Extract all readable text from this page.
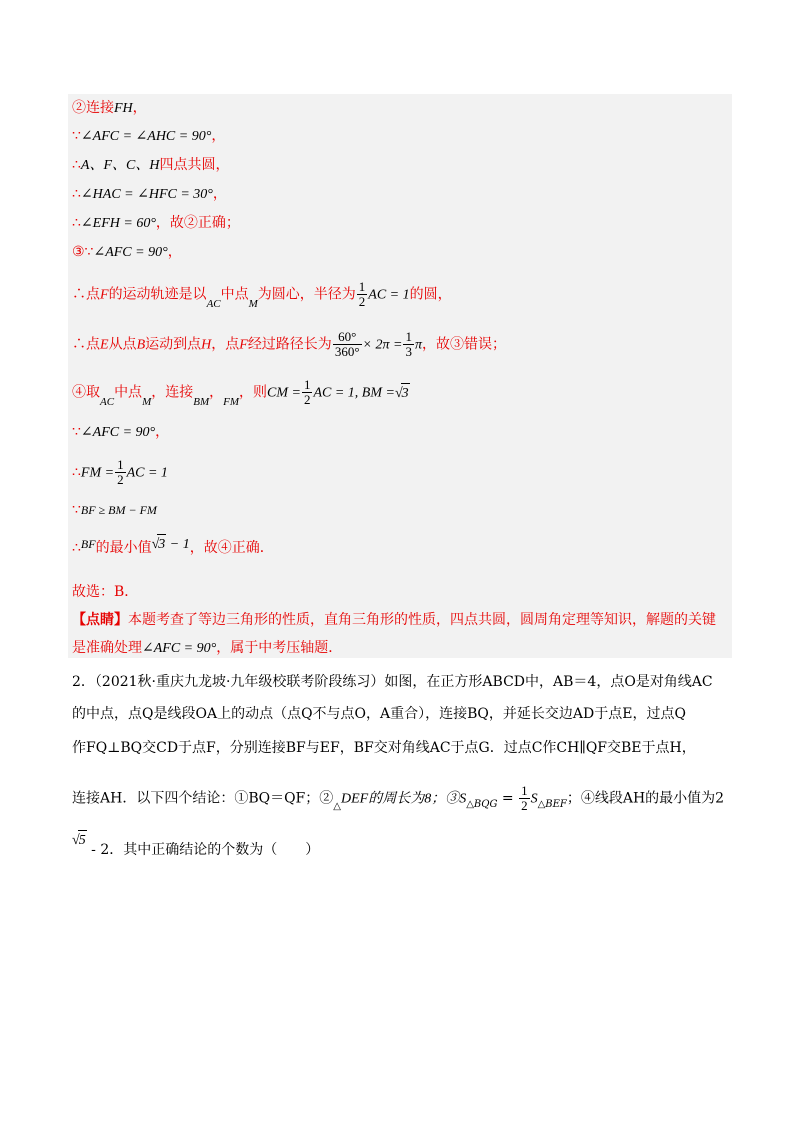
②连接FH，
∵∠AFC = ∠AHC = 90°，
∴A、F、C、H四点共圆，
∴∠HAC = ∠HFC = 30°，
∴∠EFH = 60°，故②正确；
③∵∠AFC = 90°，
∴点F的运动轨迹是以$_{AC}$中点$_M$为圆心，半径为 $\frac{1}{2}$ AC = 1的圆，
∴点E从点B运动到点H，点F经过路径长为 $\frac{60^\circ}{360^\circ} \times 2\pi = \frac{1}{3}$ π，故③错误；
④取$_{AC}$中点$_M$，连接$_{BM}$，$_{FM}$，则CM = $\frac{1}{2}$ AC = 1, BM =√3
∵∠AFC = 90°，
∴FM = $\frac{1}{2}$ AC = 1
∵BF ≥ BM − FM
∴BF的最小值√3 − 1，故④正确．
故选：B．
【点睛】本题考查了等边三角形的性质，直角三角形的性质，四点共圆，圆周角定理等知识，解题的关键
是准确处理∠AFC = 90°，属于中考压轴题．
2．（2021秋·重庆九龙坡·九年级校联考阶段练习）如图，在正方形ABCD中，AB＝4，点O是对角线AC
的中点，点Q是线段OA上的动点（点Q不与点O，A重合），连接BQ，并延长交边AD于点E，过点Q
作FQ⊥BQ交CD于点F，分别连接BF与EF，BF交对角线AC于点G．过点C作CH∥QF交BE于点H，
连接AH．以下四个结论：①BQ＝QF；$②_\triangle DEF$的周长为8；$③S_{\triangle BQG} = \frac{1}{2} S_{\triangle BEF}$；④线段AH的最小值为2
√5 - 2．其中正确结论的个数为（　　）
